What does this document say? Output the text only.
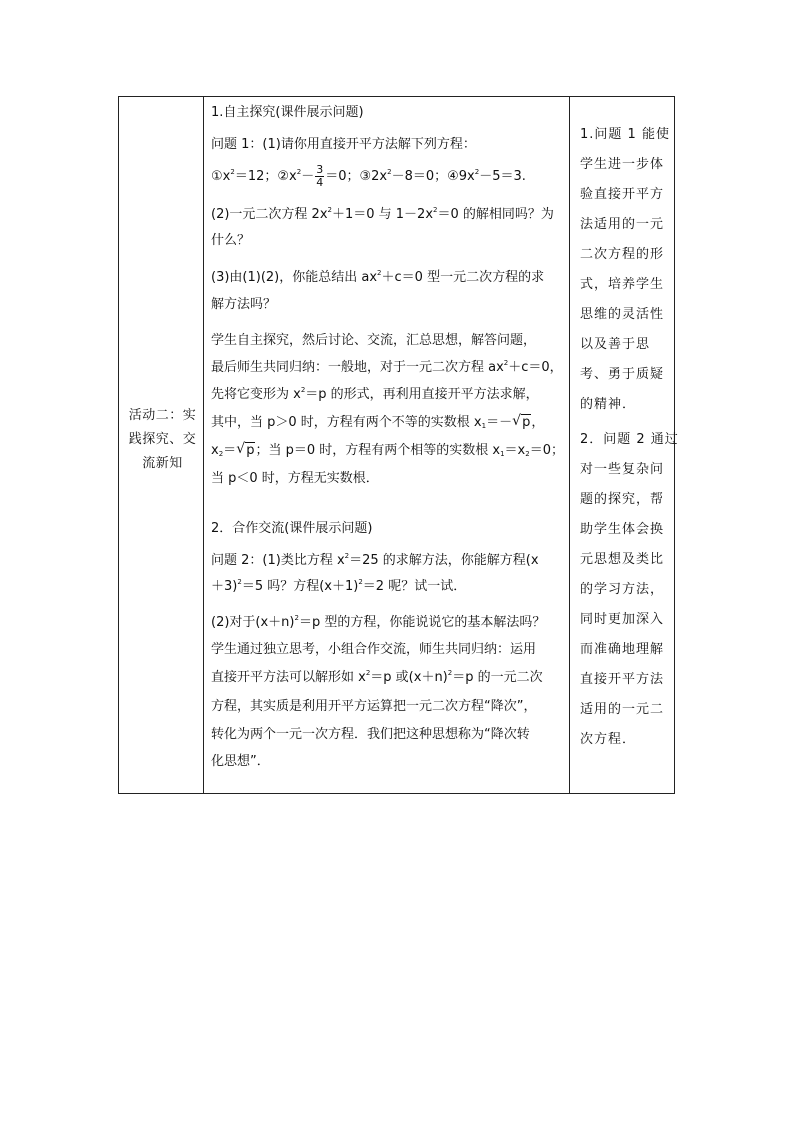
活动二：实
践探究、交
流新知
1.自主探究(课件展示问题)
问题 1：(1)请你用直接开平方法解下列方程：
$①x^2=12$；$②x^2- \frac{3}{4} =0$；$③2x^2-8=0$；$④9x^2-5=3$.
(2)一元二次方程 $2x^2+1=0$ 与 $1-2x^2=0$ 的解相同吗？为
什么？
(3)由(1)(2)，你能总结出 $ax^2+c=0$ 型一元二次方程的求
解方法吗？
学生自主探究，然后讨论、交流，汇总思想，解答问题，
最后师生共同归纳：一般地，对于一元二次方程 $ax^2+c=0$，
先将它变形为 $x^2=p$ 的形式，再利用直接开平方法求解，
其中，当 p＞0 时，方程有两个不等的实数根 $x_1=-$ √ p，
$x_2=$ √ p；当 p＝0 时，方程有两个相等的实数根 $x_1=x_2=0$；
当 p＜0 时，方程无实数根．
2．合作交流(课件展示问题)
问题 2：(1)类比方程 $x^2=25$ 的求解方法，你能解方程(x
＋3)$^2$＝5 吗？方程$(x+1)^2=2$ 呢？试一试．
(2)对于$(x+n)^2=p$ 型的方程，你能说说它的基本解法吗？
学生通过独立思考，小组合作交流，师生共同归纳：运用
直接开平方法可以解形如 $x^2=p$ 或$(x+n)^2=p$ 的一元二次
方程，其实质是利用开平方运算把一元二次方程“降次”，
转化为两个一元一次方程．我们把这种思想称为“降次转
化思想”．
1.问题 1 能使
学生进一步体
验直接开平方
法适用的一元
二次方程的形
式，培养学生
思维的灵活性
以及善于思
考、勇于质疑
的精神．
2．问题 2 通过
对一些复杂问
题的探究，帮
助学生体会换
元思想及类比
的学习方法，
同时更加深入
而准确地理解
直接开平方法
适用的一元二
次方程．
